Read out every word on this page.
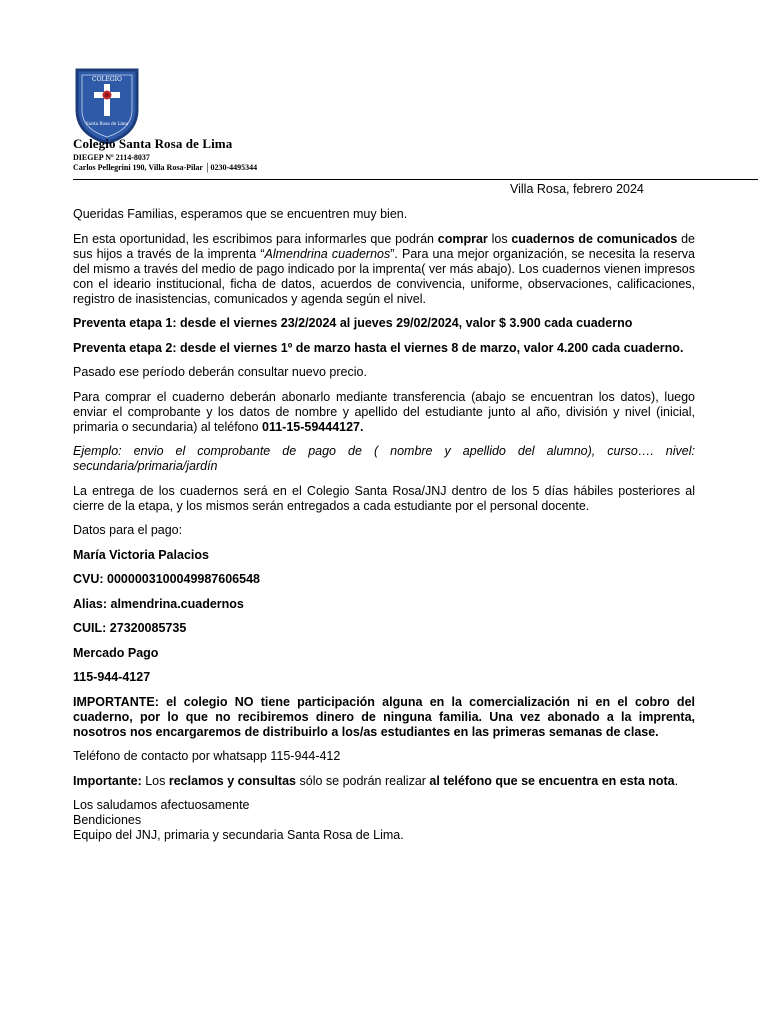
COLEGIO
Santa Rosa de Lima

Colegio Santa Rosa de Lima

DIEGEP Nº 2114-8037

Carlos Pellegrini 190, Villa Rosa-Pilar │0230-4495344

Villa Rosa, febrero 2024

Queridas Familias, esperamos que se encuentren muy bien.

En esta oportunidad, les escribimos para informarles que podrán comprar los cuadernos de comunicados de sus hijos a través de la imprenta “Almendrina cuadernos”. Para una mejor organización, se necesita la reserva del mismo a través del medio de pago indicado por la imprenta( ver más abajo). Los cuadernos vienen impresos con el ideario institucional, ficha de datos, acuerdos de convivencia, uniforme, observaciones, calificaciones, registro de inasistencias, comunicados y agenda según el nivel.

Preventa etapa 1: desde el viernes 23/2/2024 al jueves 29/02/2024, valor $ 3.900 cada cuaderno

Preventa etapa 2: desde el viernes 1º de marzo hasta el viernes 8 de marzo, valor 4.200 cada cuaderno.

Pasado ese período deberán consultar nuevo precio.

Para comprar el cuaderno deberán abonarlo mediante transferencia (abajo se encuentran los datos), luego enviar el comprobante y los datos de nombre y apellido del estudiante junto al año, división y nivel (inicial, primaria o secundaria) al teléfono 011-15-59444127.

Ejemplo: envio el comprobante de pago de ( nombre y apellido del alumno), curso…. nivel: secundaria/primaria/jardín

La entrega de los cuadernos será en el Colegio Santa Rosa/JNJ dentro de los 5 días hábiles posteriores al cierre de la etapa, y los mismos serán entregados a cada estudiante por el personal docente.

Datos para el pago:

María Victoria Palacios

CVU: 0000003100049987606548

Alias: almendrina.cuadernos

CUIL: 27320085735

Mercado Pago

115-944-4127

IMPORTANTE: el colegio NO tiene participación alguna en la comercialización ni en el cobro del cuaderno, por lo que no recibiremos dinero de ninguna familia. Una vez abonado a la imprenta, nosotros nos encargaremos de distribuirlo a los/as estudiantes en las primeras semanas de clase.

Teléfono de contacto por whatsapp 115-944-412

Importante: Los reclamos y consultas sólo se podrán realizar al teléfono que se encuentra en esta nota.

Los saludamos afectuosamente
Bendiciones
Equipo del JNJ, primaria y secundaria Santa Rosa de Lima.
